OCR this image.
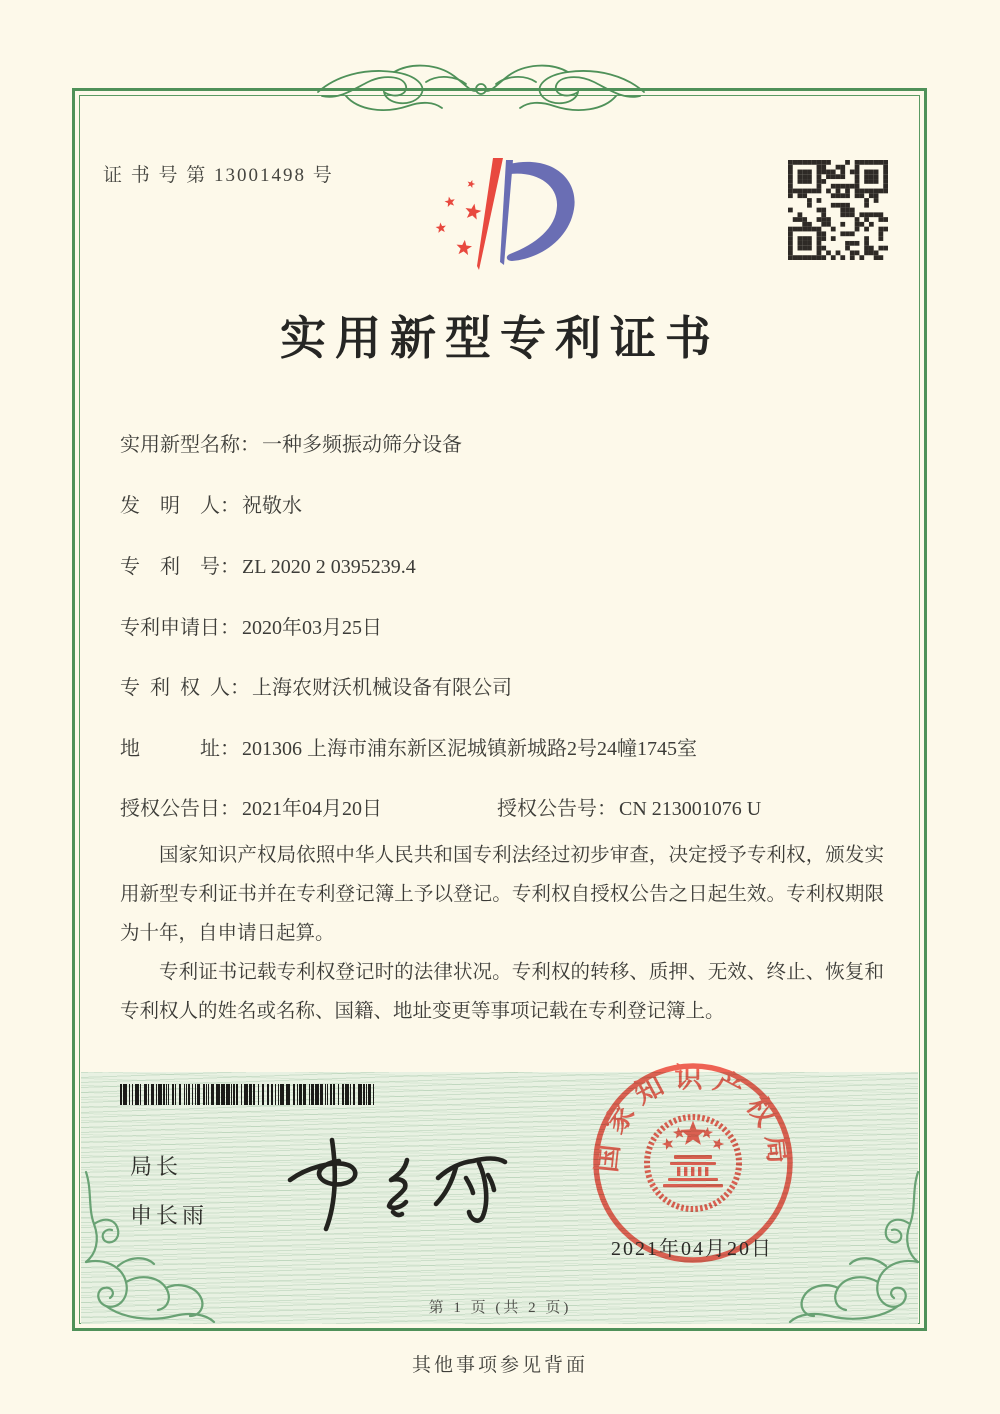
证 书 号 第 13001498 号
实用新型专利证书
实用新型名称： 一种多频振动筛分设备
发　明　人： 祝敬水
专　利　号： ZL 2020 2 0395239.4
专利申请日： 2020年03月25日
专 利 权 人： 上海农财沃机械设备有限公司
地　　　址： 201306 上海市浦东新区泥城镇新城路2号24幢1745室
授权公告日： 2021年04月20日	授权公告号： CN 213001076 U

国家知识产权局依照中华人民共和国专利法经过初步审查，决定授予专利权，颁发实用新型专利证书并在专利登记簿上予以登记。专利权自授权公告之日起生效。专利权期限为十年，自申请日起算。

专利证书记载专利权登记时的法律状况。专利权的转移、质押、无效、终止、恢复和专利权人的姓名或名称、国籍、地址变更等事项记载在专利登记簿上。

局长
申长雨
国家知识产权局
2021年04月20日
第 1 页 (共 2 页)
其他事项参见背面
